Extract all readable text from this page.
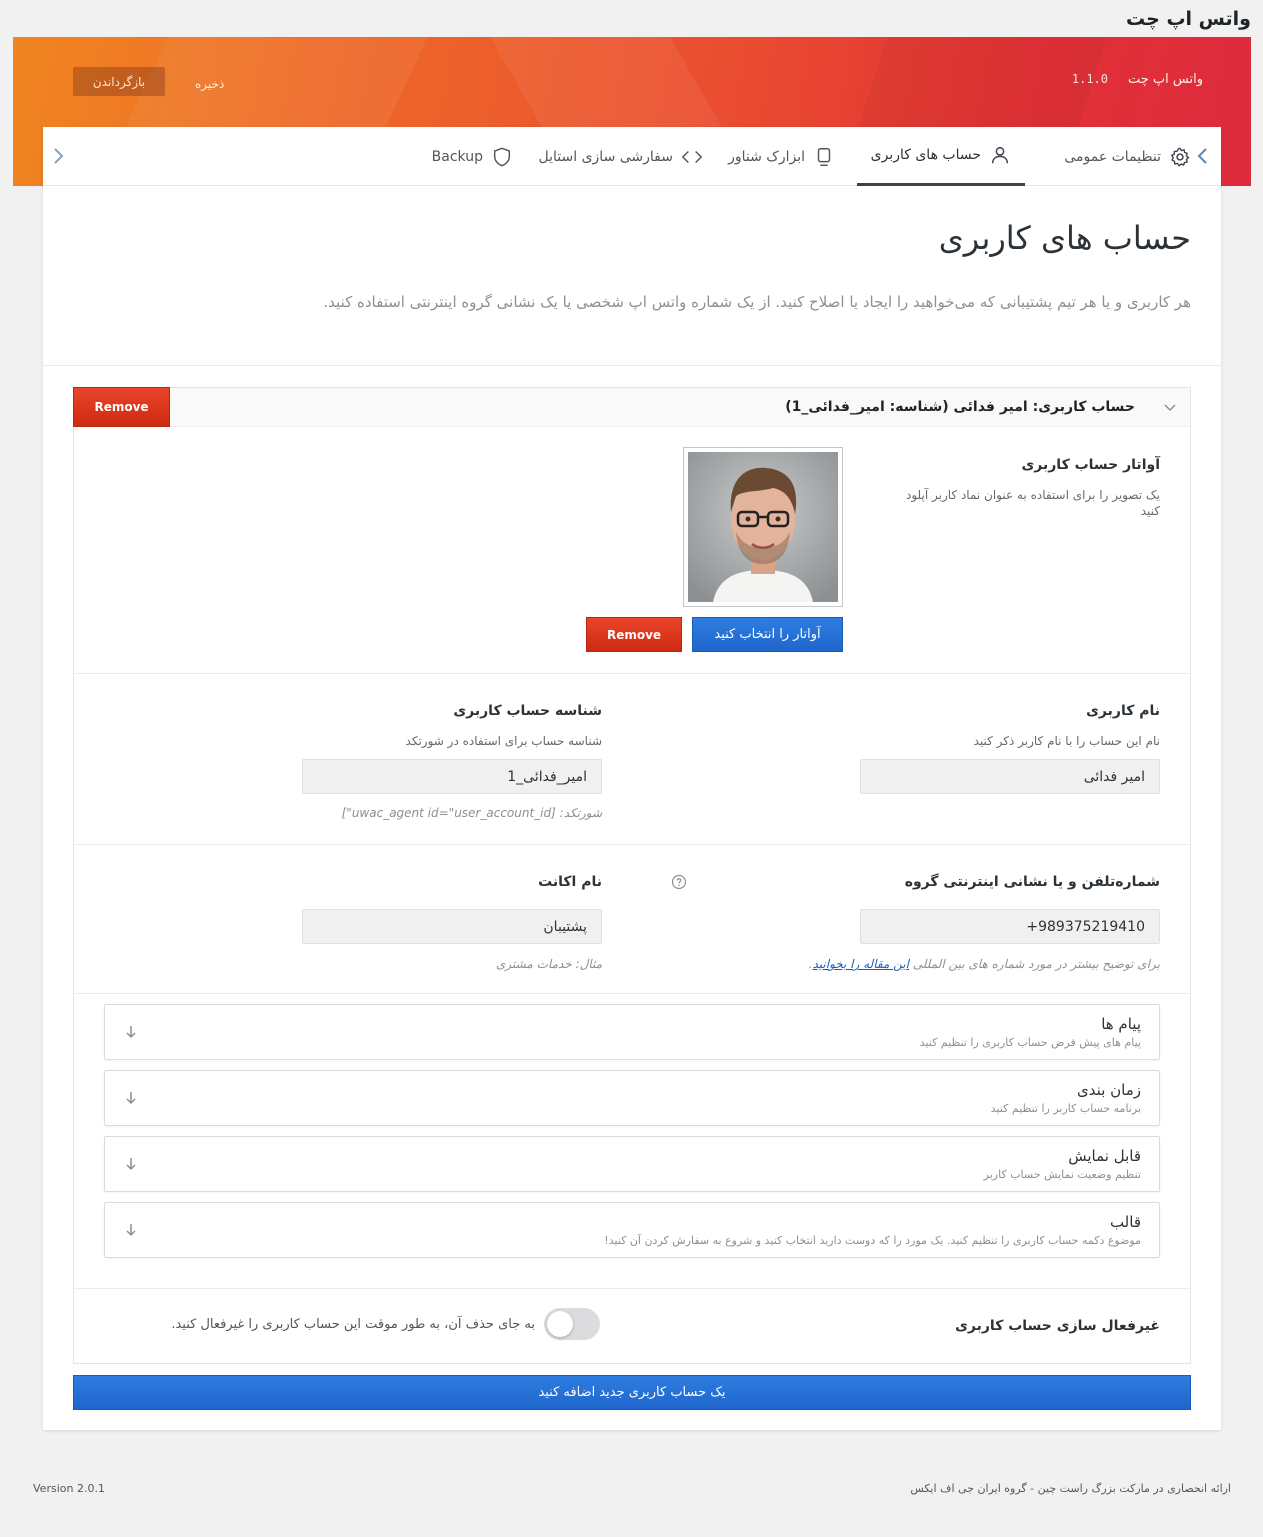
واتس اپ چت
واتس اپ چت
1.1.0
ذخیره
بازگرداندن
تنظیمات عمومی
حساب های کاربری
ابزارک شناور
سفارشی سازی استایل
Backup
حساب های کاربری

هر کاربری و یا هر تیم پشتیبانی که می‌خواهید را ایجاد یا اصلاح کنید. از یک شماره واتس اپ شخصی یا یک نشانی گروه اینترنتی استفاده کنید.

حساب کاربری: امیر فدائی (شناسه: امیر_فدائی_1)
Remove
آواتار حساب کاربری
یک تصویر را برای استفاده به عنوان نماد کاربر آپلود کنید
آواتار را انتخاب کنید
Remove
نام کاربری
نام این حساب را با نام کاربر ذکر کنید
امیر فدائی
شناسه حساب کاربری
شناسه حساب برای استفاده در شورتکد
امیر_فدائی_1
شورتکد: [uwac_agent id="user_account_id"]
شماره‌تلفن و یا نشانی اینترنتی گروه
+989375219410
برای توضیح بیشتر در مورد شماره های بین المللی این مقاله را بخوانید.
نام اکانت
پشتیبان
مثال: خدمات مشتری
پیام ها
پیام های پیش فرض حساب کاربری را تنظیم کنید
زمان بندی
برنامه حساب کاربر را تنظیم کنید
قابل نمایش
تنظیم وضعیت نمایش حساب کاربر
قالب
موضوع دکمه حساب کاربری را تنظیم کنید. یک مورد را که دوست دارید انتخاب کنید و شروع به سفارش کردن آن کنید!
غیرفعال سازی حساب کاربری
به جای حذف آن، به طور موقت این حساب کاربری را غیرفعال کنید.
یک حساب کاربری جدید اضافه کنید
Version 2.0.1	ارائه انحصاری در مارکت بزرگ راست چین - گروه ایران جی اف ایکس
